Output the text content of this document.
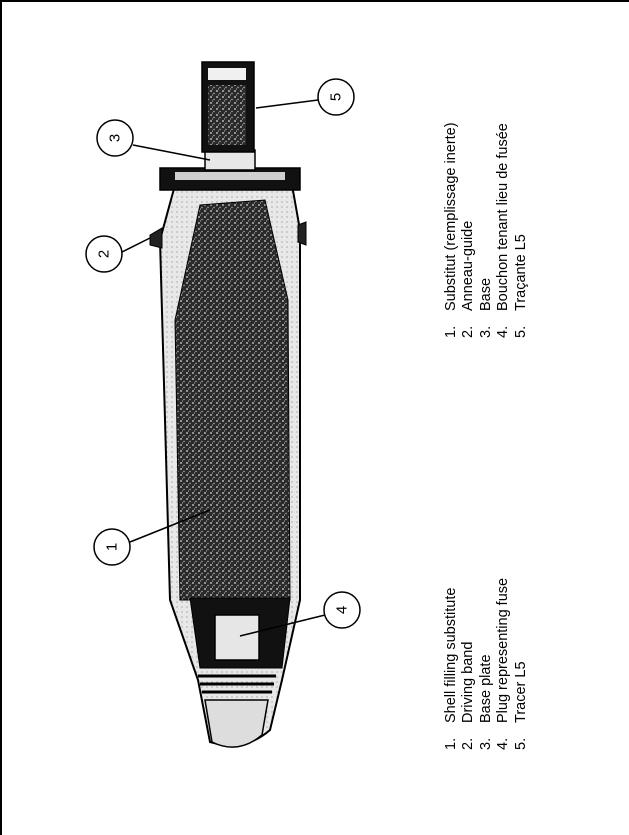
1
2
3
4
5
1.
Shell filling substitute
2.
Driving band
3.
Base plate
4.
Plug representing fuse
5.
Tracer L5
1.
Substitut (remplissage inerte)
2.
Anneau-guide
3.
Base
4.
Bouchon tenant lieu de fusée
5.
Traçante L5
